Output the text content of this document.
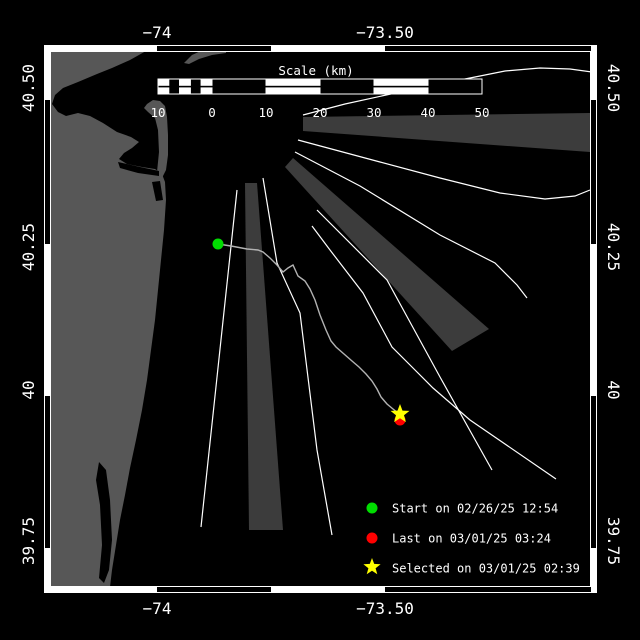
−74	−73.50
−74	−73.50
40.50
40.25
40
39.75
40.50
40.25
40
39.75
Scale (km)
10	0	10	20	30	40	50
Start on 02/26/25 12:54
Last on 03/01/25 03:24
Selected on 03/01/25 02:39
